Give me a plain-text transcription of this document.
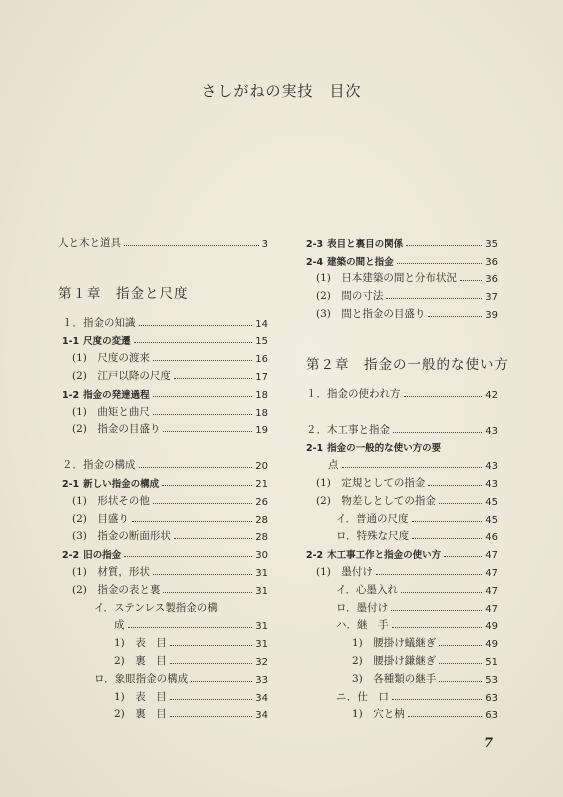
さしがねの実技　目次
人と木と道具	3
第１章　指金と尺度
１．指金の知識	14
1-1 尺度の変遷	15
(1)　尺度の渡来	16
(2)　江戸以降の尺度	17
1-2 指金の発達過程	18
(1)　曲矩と曲尺	18
(2)　指金の目盛り	19
２．指金の構成	20
2-1 新しい指金の構成	21
(1)　形状その他	26
(2)　目盛り	28
(3)　指金の断面形状	28
2-2 旧の指金	30
(1)　材質，形状	31
(2)　指金の表と裏	31
イ．ステンレス製指金の構
成	31
1)　表　目	31
2)　裏　目	32
ロ．象眼指金の構成	33
1)　表　目	34
2)　裏　目	34
2-3 表目と裏目の関係	35
2-4 建築の間と指金	36
(1)　日本建築の間と分布状況	36
(2)　間の寸法	37
(3)　間と指金の目盛り	39
第２章　指金の一般的な使い方
１．指金の使われ方	42
２．木工事と指金	43
2-1 指金の一般的な使い方の要
点	43
(1)　定規としての指金	43
(2)　物差しとしての指金	45
イ．普通の尺度	45
ロ．特殊な尺度	46
2-2 木工事工作と指金の使い方	47
(1)　墨付け	47
イ．心墨入れ	47
ロ．墨付け	47
ハ．継　手	49
1)　腰掛け蟻継ぎ	49
2)　腰掛け鎌継ぎ	51
3)　各種類の継手	53
ニ．仕　口	63
1)　穴と枘	63
7
